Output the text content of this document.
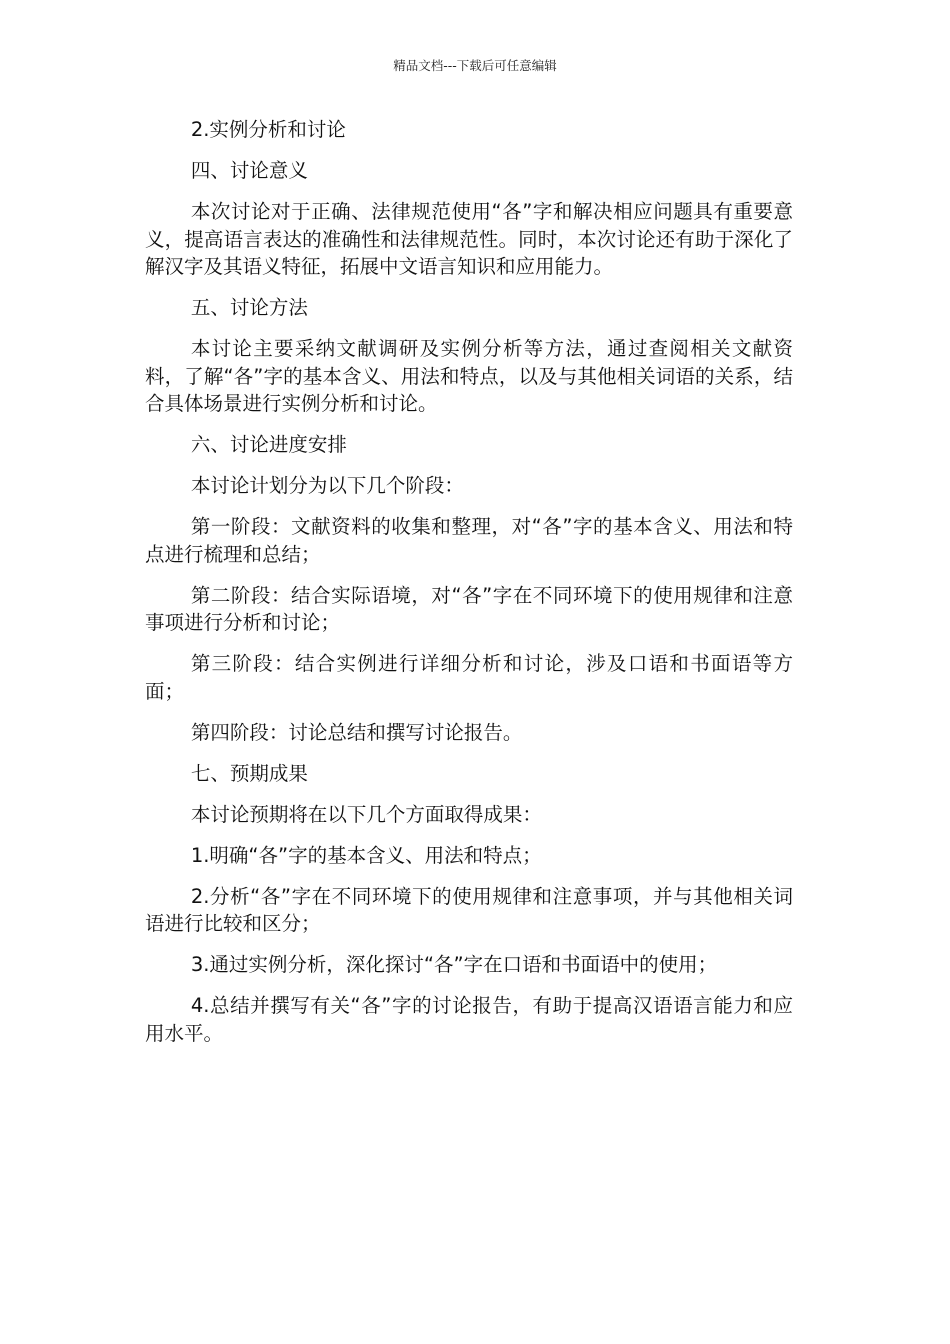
精品文档---下载后可任意编辑

2.实例分析和讨论

四、讨论意义

本次讨论对于正确、法律规范使用“各”字和解决相应问题具有重要意义，提高语言表达的准确性和法律规范性。同时，本次讨论还有助于深化了解汉字及其语义特征，拓展中文语言知识和应用能力。

五、讨论方法

本讨论主要采纳文献调研及实例分析等方法，通过查阅相关文献资料，了解“各”字的基本含义、用法和特点，以及与其他相关词语的关系，结合具体场景进行实例分析和讨论。

六、讨论进度安排

本讨论计划分为以下几个阶段：

第一阶段：文献资料的收集和整理，对“各”字的基本含义、用法和特点进行梳理和总结；

第二阶段：结合实际语境，对“各”字在不同环境下的使用规律和注意事项进行分析和讨论；

第三阶段：结合实例进行详细分析和讨论，涉及口语和书面语等方面；

第四阶段：讨论总结和撰写讨论报告。

七、预期成果

本讨论预期将在以下几个方面取得成果：

1.明确“各”字的基本含义、用法和特点；

2.分析“各”字在不同环境下的使用规律和注意事项，并与其他相关词语进行比较和区分；

3.通过实例分析，深化探讨“各”字在口语和书面语中的使用；

4.总结并撰写有关“各”字的讨论报告，有助于提高汉语语言能力和应用水平。
